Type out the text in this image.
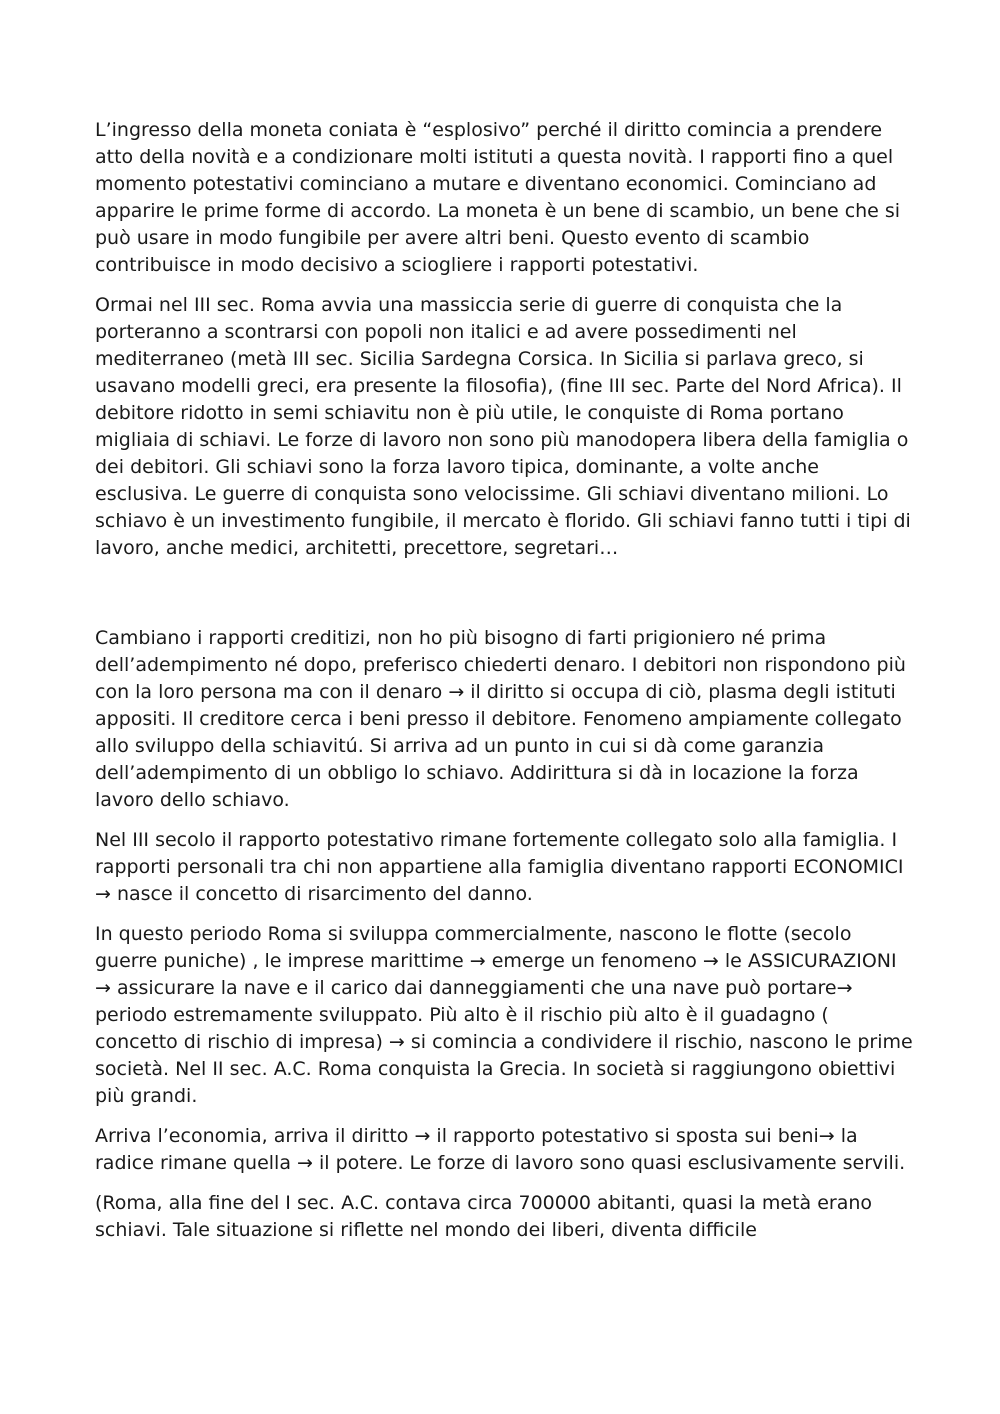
L’ingresso della moneta coniata è “esplosivo” perché il diritto comincia a prendere atto della novità e a condizionare molti istituti a questa novità. I rapporti fino a quel momento potestativi cominciano a mutare e diventano economici. Cominciano ad apparire le prime forme di accordo. La moneta è un bene di scambio, un bene che si può usare in modo fungibile per avere altri beni. Questo evento di scambio contribuisce in modo decisivo a sciogliere i rapporti potestativi.

Ormai nel III sec. Roma avvia una massiccia serie di guerre di conquista che la porteranno a scontrarsi con popoli non italici e ad avere possedimenti nel mediterraneo (metà III sec. Sicilia Sardegna Corsica. In Sicilia si parlava greco, si usavano modelli greci, era presente la filosofia), (fine III sec. Parte del Nord Africa). Il debitore ridotto in semi schiavitu non è più utile, le conquiste di Roma portano migliaia di schiavi. Le forze di lavoro non sono più manodopera libera della famiglia o dei debitori. Gli schiavi sono la forza lavoro tipica, dominante, a volte anche esclusiva. Le guerre di conquista sono velocissime. Gli schiavi diventano milioni. Lo schiavo è un investimento fungibile, il mercato è florido. Gli schiavi fanno tutti i tipi di lavoro, anche medici, architetti, precettore, segretari…

Cambiano i rapporti creditizi, non ho più bisogno di farti prigioniero né prima dell’adempimento né dopo, preferisco chiederti denaro. I debitori non rispondono più con la loro persona ma con il denaro → il diritto si occupa di ciò, plasma degli istituti appositi. Il creditore cerca i beni presso il debitore. Fenomeno ampiamente collegato allo sviluppo della schiavitú. Si arriva ad un punto in cui si dà come garanzia dell’adempimento di un obbligo lo schiavo. Addirittura si dà in locazione la forza lavoro dello schiavo.

Nel III secolo il rapporto potestativo rimane fortemente collegato solo alla famiglia. I rapporti personali tra chi non appartiene alla famiglia diventano rapporti ECONOMICI → nasce il concetto di risarcimento del danno.

In questo periodo Roma si sviluppa commercialmente, nascono le flotte (secolo guerre puniche) , le imprese marittime → emerge un fenomeno → le ASSICURAZIONI → assicurare la nave e il carico dai danneggiamenti che una nave può portare→ periodo estremamente sviluppato. Più alto è il rischio più alto è il guadagno ( concetto di rischio di impresa) → si comincia a condividere il rischio, nascono le prime società. Nel II sec. A.C. Roma conquista la Grecia. In società si raggiungono obiettivi più grandi.

Arriva l’economia, arriva il diritto → il rapporto potestativo si sposta sui beni→ la radice rimane quella → il potere. Le forze di lavoro sono quasi esclusivamente servili.

(Roma, alla fine del I sec. A.C. contava circa 700000 abitanti, quasi la metà erano schiavi. Tale situazione si riflette nel mondo dei liberi, diventa difficile
